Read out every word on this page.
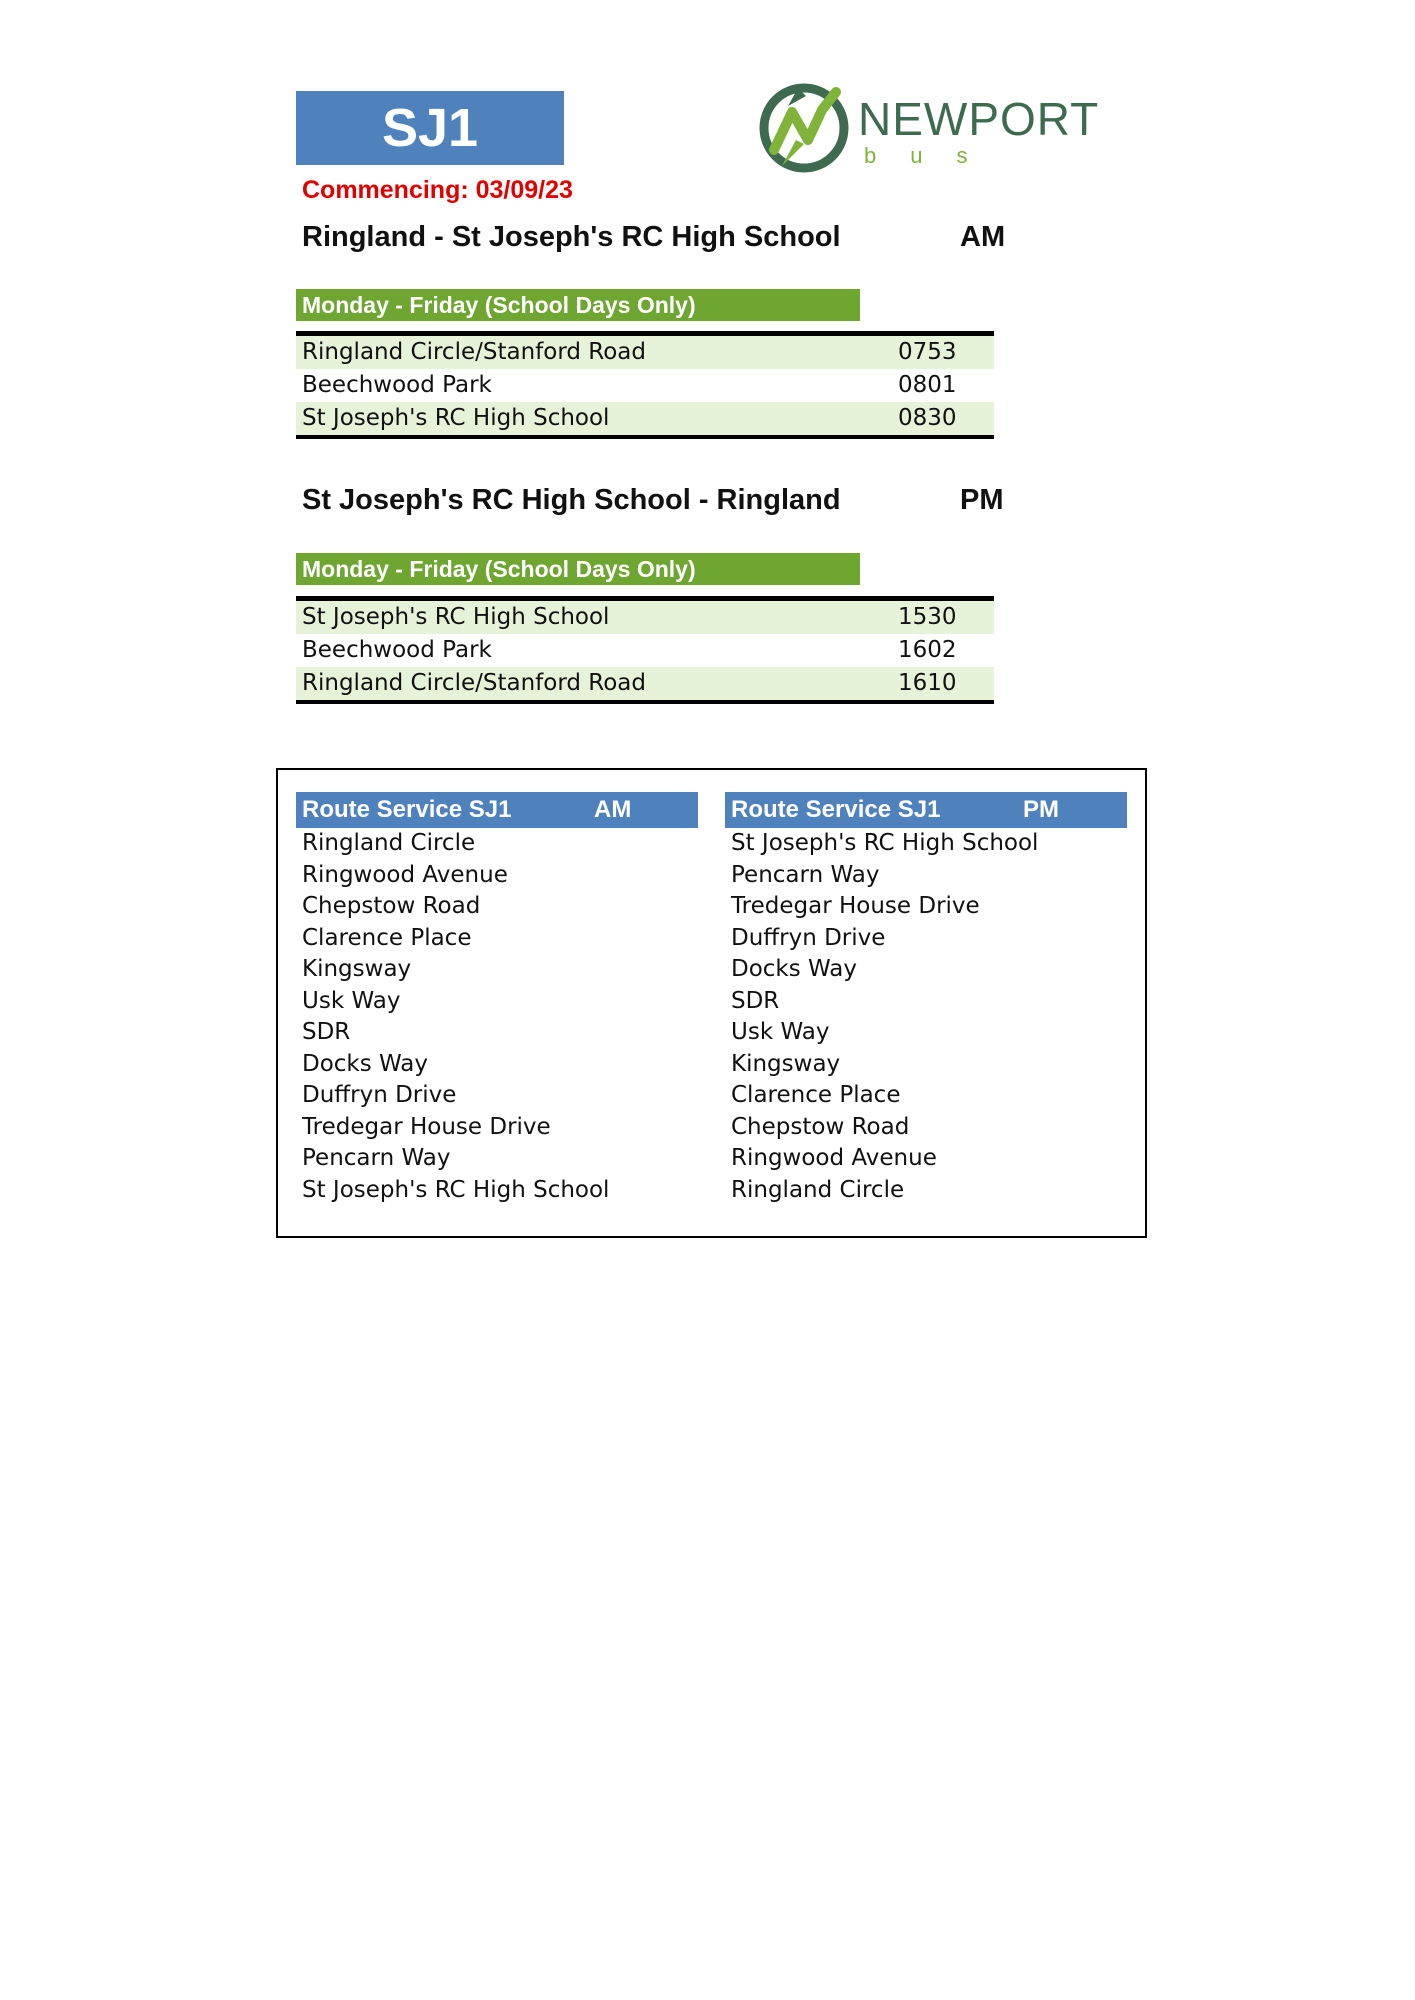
SJ1	NEWPORT
bus
Commencing: 03/09/23
Ringland - St Joseph's RC High School	AM
Monday - Friday (School Days Only)
Ringland Circle/Stanford Road	0753
Beechwood Park	0801
St Joseph's RC High School	0830
St Joseph's RC High School - Ringland	PM
Monday - Friday (School Days Only)
St Joseph's RC High School	1530
Beechwood Park	1602
Ringland Circle/Stanford Road	1610
Route Service SJ1	AM
Ringland Circle
Ringwood Avenue
Chepstow Road
Clarence Place
Kingsway
Usk Way
SDR
Docks Way
Duffryn Drive
Tredegar House Drive
Pencarn Way
St Joseph's RC High School
Route Service SJ1	PM
St Joseph's RC High School
Pencarn Way
Tredegar House Drive
Duffryn Drive
Docks Way
SDR
Usk Way
Kingsway
Clarence Place
Chepstow Road
Ringwood Avenue
Ringland Circle
